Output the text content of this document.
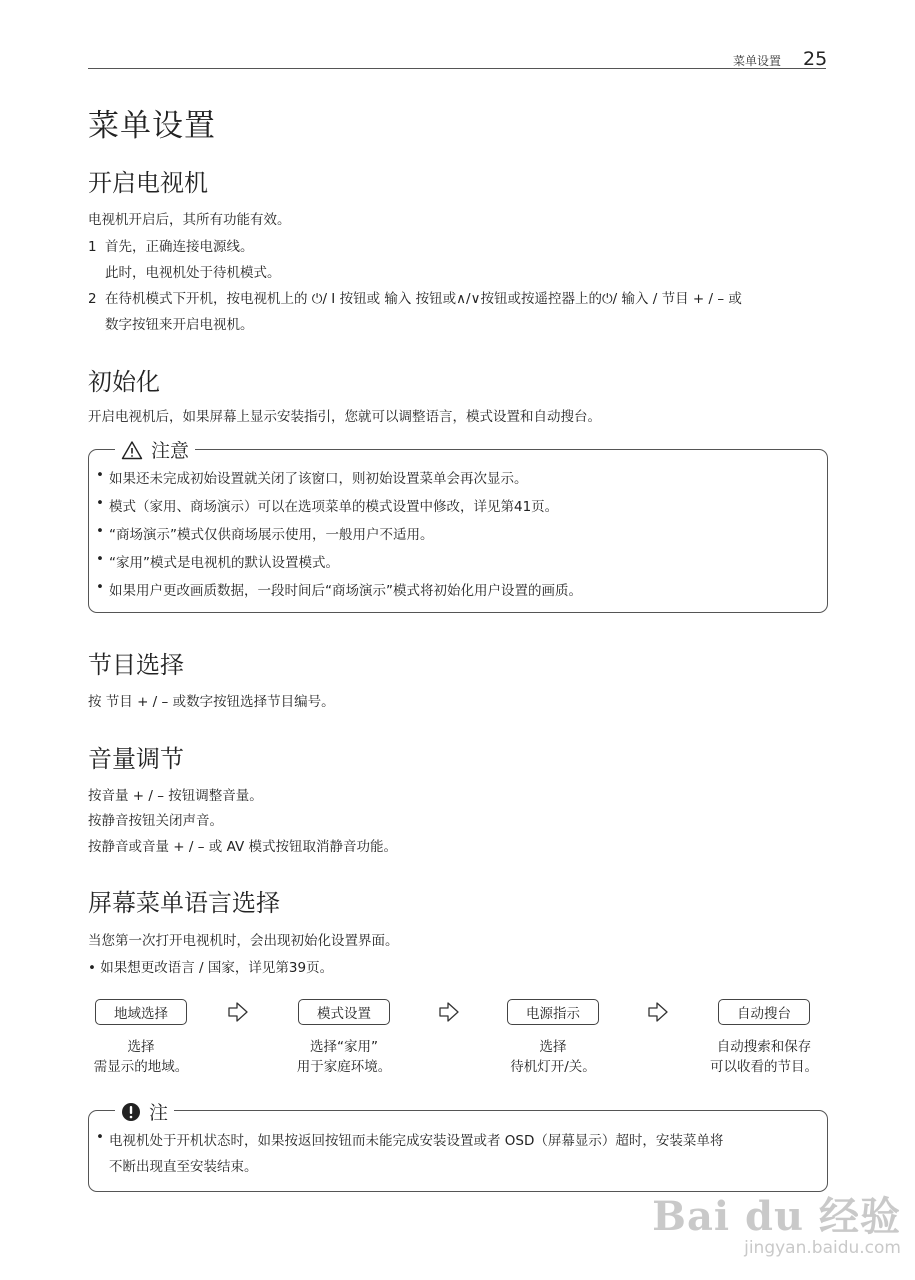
菜单设置 25
菜单设置
开启电视机
电视机开启后，其所有功能有效。
1 首先，正确连接电源线。
此时，电视机处于待机模式。
2 在待机模式下开机，按电视机上的 ⏻/ I 按钮或 输入 按钮或∧/∨按钮或按遥控器上的⏻/ 输入 / 节目 + / – 或
数字按钮来开启电视机。
初始化
开启电视机后，如果屏幕上显示安装指引，您就可以调整语言，模式设置和自动搜台。
注意
• 如果还未完成初始设置就关闭了该窗口，则初始设置菜单会再次显示。
• 模式（家用、商场演示）可以在选项菜单的模式设置中修改，详见第41页。
• “商场演示”模式仅供商场展示使用，一般用户不适用。
• “家用”模式是电视机的默认设置模式。
• 如果用户更改画质数据，一段时间后“商场演示”模式将初始化用户设置的画质。
节目选择
按 节目 + / – 或数字按钮选择节目编号。
音量调节
按音量 + / – 按钮调整音量。
按静音按钮关闭声音。
按静音或音量 + / – 或 AV 模式按钮取消静音功能。
屏幕菜单语言选择
当您第一次打开电视机时，会出现初始化设置界面。
• 如果想更改语言 / 国家，详见第39页。
地域选择
选择
需显示的地域。
模式设置
选择“家用”
用于家庭环境。
电源指示
选择
待机灯开/关。
自动搜台
自动搜索和保存
可以收看的节目。
注
• 电视机处于开机状态时，如果按返回按钮而未能完成安装设置或者 OSD（屏幕显示）超时，安装菜单将
不断出现直至安装结束。
Bai du 经验
jingyan.baidu.com
